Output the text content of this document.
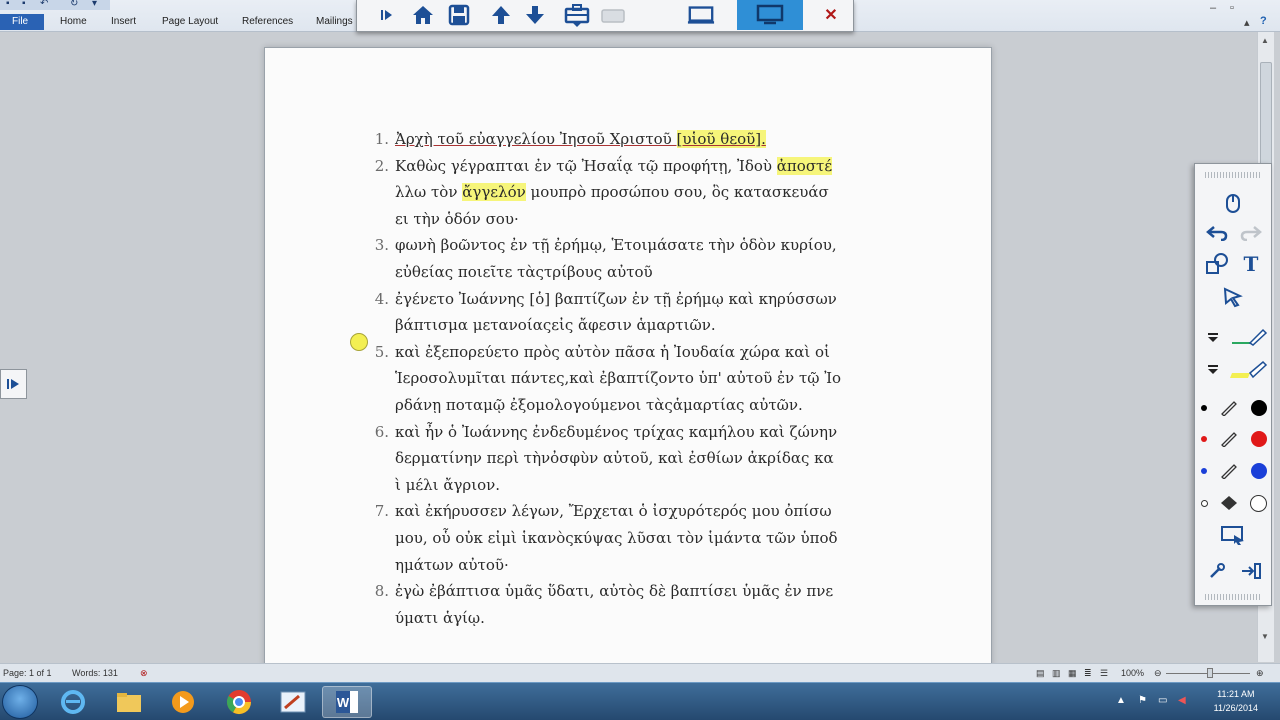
▪ ▪ ↶ ↻ ▾
File	Home Insert	Page Layout References Mailings
– ▫
▴ ?
✕
1. Ἀρχὴ τοῦ εὐαγγελίου Ἰησοῦ Χριστοῦ [υἱοῦ θεοῦ].
2. Καθὼς γέγραπται ἐν τῷ Ἠσαΐᾳ τῷ προφήτῃ, Ἰδοὺ ἀποστέ
λλω τὸν ἄγγελόν μουπρὸ προσώπου σου, ὃς κατασκευάσ
ει τὴν ὁδόν σου·
3. φωνὴ βοῶντος ἐν τῇ ἐρήμῳ, Ἑτοιμάσατε τὴν ὁδὸν κυρίου,
εὐθείας ποιεῖτε τὰςτρίβους αὐτοῦ
4. ἐγένετο Ἰωάννης [ὁ] βαπτίζων ἐν τῇ ἐρήμῳ καὶ κηρύσσων
βάπτισμα μετανοίαςεἰς ἄφεσιν ἁμαρτιῶν.
5. καὶ ἐξεπορεύετο πρὸς αὐτὸν πᾶσα ἡ Ἰουδαία χώρα καὶ οἱ
Ἱεροσολυμῖται πάντες,καὶ ἐβαπτίζοντο ὑπ' αὐτοῦ ἐν τῷ Ἰο
ρδάνῃ ποταμῷ ἐξομολογούμενοι τὰςἁμαρτίας αὐτῶν.
6. καὶ ἦν ὁ Ἰωάννης ἐνδεδυμένος τρίχας καμήλου καὶ ζώνην
δερματίνην περὶ τὴνὀσφὺν αὐτοῦ, καὶ ἐσθίων ἀκρίδας κα
ὶ μέλι ἄγριον.
7. καὶ ἐκήρυσσεν λέγων, Ἔρχεται ὁ ἰσχυρότερός μου ὀπίσω
μου, οὗ οὐκ εἰμὶ ἱκανὸςκύψας λῦσαι τὸν ἱμάντα τῶν ὑποδ
ημάτων αὐτοῦ·
8. ἐγὼ ἐβάπτισα ὑμᾶς ὕδατι, αὐτὸς δὲ βαπτίσει ὑμᾶς ἐν πνε
ύματι ἁγίῳ.
▲
▼
T
Page: 1 of 1 Words: 131 ⊗	▤ ▥ ▦ ≣ ☰ 100% ⊖	⊕
W	▲ ⚑ ▭ ◀
11:21 AM
11/26/2014
